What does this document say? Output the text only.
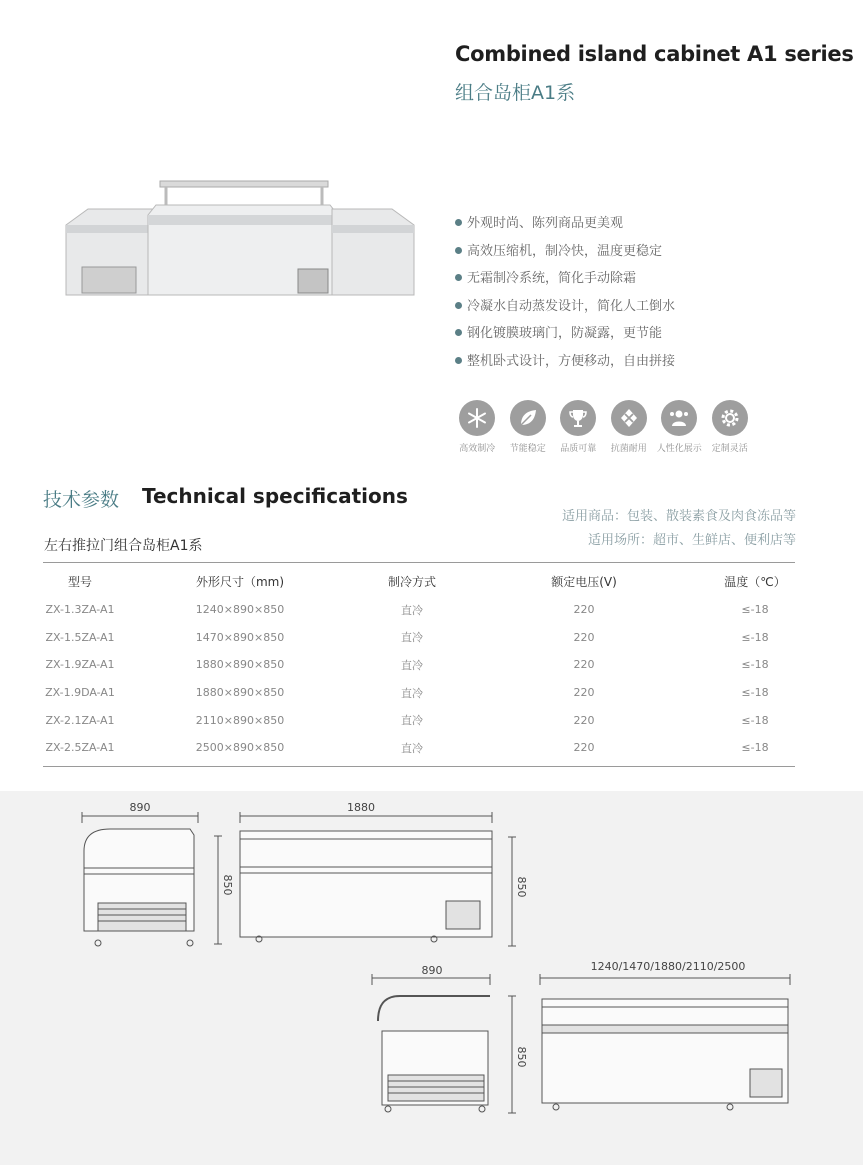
Combined island cabinet A1 series
组合岛柜A1系
外观时尚、陈列商品更美观
高效压缩机，制冷快，温度更稳定
无霜制冷系统，简化手动除霜
冷凝水自动蒸发设计，简化人工倒水
钢化镀膜玻璃门，防凝露，更节能
整机卧式设计，方便移动，自由拼接
高效制冷 节能稳定 品质可靠 抗菌耐用 人性化展示 定制灵活
技术参数 Technical specifications
适用商品：包装、散装素食及肉食冻品等
适用场所：超市、生鲜店、便利店等
左右推拉门组合岛柜A1系
型号	外形尺寸（mm)	制冷方式	额定电压(V)	温度（℃）
ZX-1.3ZA-A1	1240×890×850	直冷	220	≤-18
ZX-1.5ZA-A1	1470×890×850	直冷	220	≤-18
ZX-1.9ZA-A1	1880×890×850	直冷	220	≤-18
ZX-1.9DA-A1	1880×890×850	直冷	220	≤-18
ZX-2.1ZA-A1	2110×890×850	直冷	220	≤-18
ZX-2.5ZA-A1	2500×890×850	直冷	220	≤-18
890	1880
850	850
890	1240/1470/1880/2110/2500
850
